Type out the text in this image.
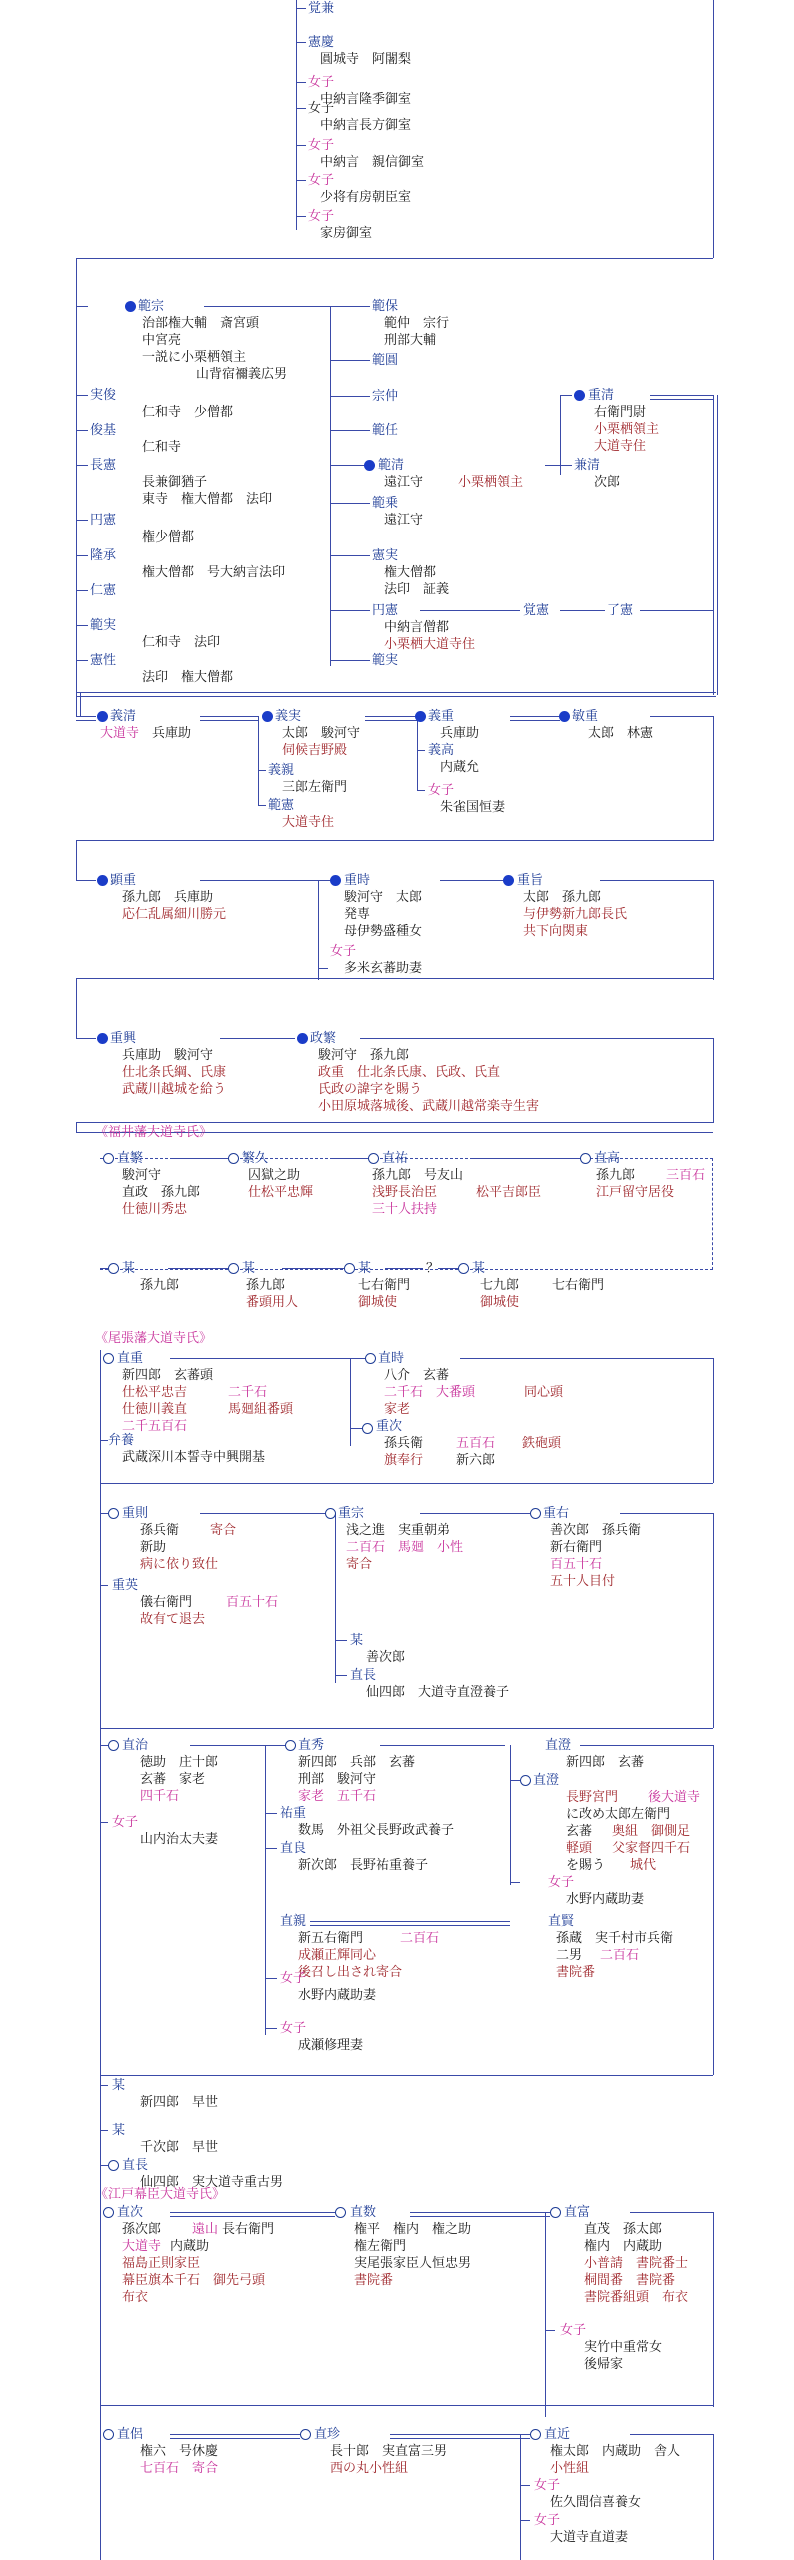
覚兼
憲慶
圓城寺　阿闍梨
女子
中納言隆季御室
女子
中納言長方御室
女子
中納言　親信御室
女子
少将有房朝臣室
女子
家房御室
範宗
治部権大輔　斎宮頭
中宮亮
一説に小栗栖領主
山背宿禰義広男
実俊
仁和寺　少僧都
俊基
仁和寺
長憲
長兼御猶子
東寺　権大僧都　法印
円憲
権少僧都
隆承
権大僧都　号大納言法印
仁憲
範実
仁和寺　法印
憲性
法印　権大僧都
範保
範仲　宗行
刑部大輔
範圓
宗仲
範任
範清
遠江守	小栗栖領主
範乗
遠江守
憲実
権大僧都
法印　証義
円憲
中納言僧都
小栗栖大道寺住
覚憲	了憲
範実
重清
右衛門尉
小栗栖領主
大道寺住
兼清
次郎
義清
大道寺 兵庫助
義実
太郎　駿河守
伺候吉野殿
義親
三郎左衛門
範憲
大道寺住
義重
兵庫助
義高
内蔵允
女子
朱雀国恒妻
敏重
太郎　林憲
顕重
孫九郎　兵庫助
応仁乱属細川勝元
重時
駿河守　太郎
発専
母伊勢盛種女
女子
多米玄蕃助妻
重旨
太郎　孫九郎
与伊勢新九郎長氏
共下向関東
重興
兵庫助　駿河守
仕北条氏綱、氏康
武蔵川越城を給う
政繁
駿河守　孫九郎
政重　仕北条氏康、氏政、氏直
氏政の諱字を賜う
小田原城落城後、武蔵川越常楽寺生害
《福井藩大道寺氏》
直繁
駿河守
直政　孫九郎
仕徳川秀忠
繁久
囚獄之助
仕松平忠輝
直祐
孫九郎　号友山
浅野長治臣	松平吉郎臣
三十人扶持
直高
孫九郎 三百石
江戸留守居役
某
孫九郎
某
孫九郎
番頭用人
某
七右衛門
御城使
？	某
七九郎
御城使
七右衛門
《尾張藩大道寺氏》
直重
新四郎　玄蕃頭
仕松平忠吉	二千石
仕徳川義直	馬廻組番頭
二千五百石
弁養
武蔵深川本誓寺中興開基
直時
八介　玄蕃
二千石　大番頭	同心頭
家老
重次
孫兵衛	五百石 鉄砲頭
旗奉行	新六郎
重則
孫兵衛 寄合
新助
病に依り致仕
重英
儀右衛門	百五十石
故有て退去
重宗
浅之進　実重朝弟
二百石　馬廻　小性
寄合
重右
善次郎　孫兵衛
新右衛門
百五十石
五十人目付
某
善次郎
直長
仙四郎　大道寺直澄養子
直治
徳助　庄十郎
玄蕃　家老
四千石
女子
山内治太夫妻
直秀
新四郎　兵部　玄蕃
刑部　駿河守
家老　五千石
祐重
数馬　外祖父長野政武養子
直良
新次郎　長野祐重養子
直澄
新四郎　玄蕃
直澄
長野宮門 後大道寺
に改め太郎左衛門
玄蕃 奥組　御側足
軽頭 父家督四千石
を賜う 城代
女子
水野内蔵助妻
直親
新五右衛門	二百石
成瀬正輝同心
後召し出され寄合
直賢
孫蔵　実千村市兵衛
二男 二百石
書院番
女子
水野内蔵助妻
女子
成瀬修理妻
某
新四郎　早世
某
千次郎　早世
直長
仙四郎　実大道寺重古男
《江戸幕臣大道寺氏》
直次
孫次郎 遠山 長右衛門
大道寺 内蔵助
福島正則家臣
幕臣旗本千石　御先弓頭
布衣
直数
権平　権内　権之助
権左衛門
実尾張家臣人恒忠男
書院番
直富
直茂　孫太郎
権内　内蔵助
小普請　書院番士
桐間番　書院番
書院番組頭　布衣
女子
実竹中重常女
後帰家
直侶
権六　号休慶
七百石　寄合
直珍
長十郎　実直富三男
西の丸小性組
直近
権太郎　内蔵助　舎人
小性組
女子
佐久間信喜養女
女子
大道寺直道妻
